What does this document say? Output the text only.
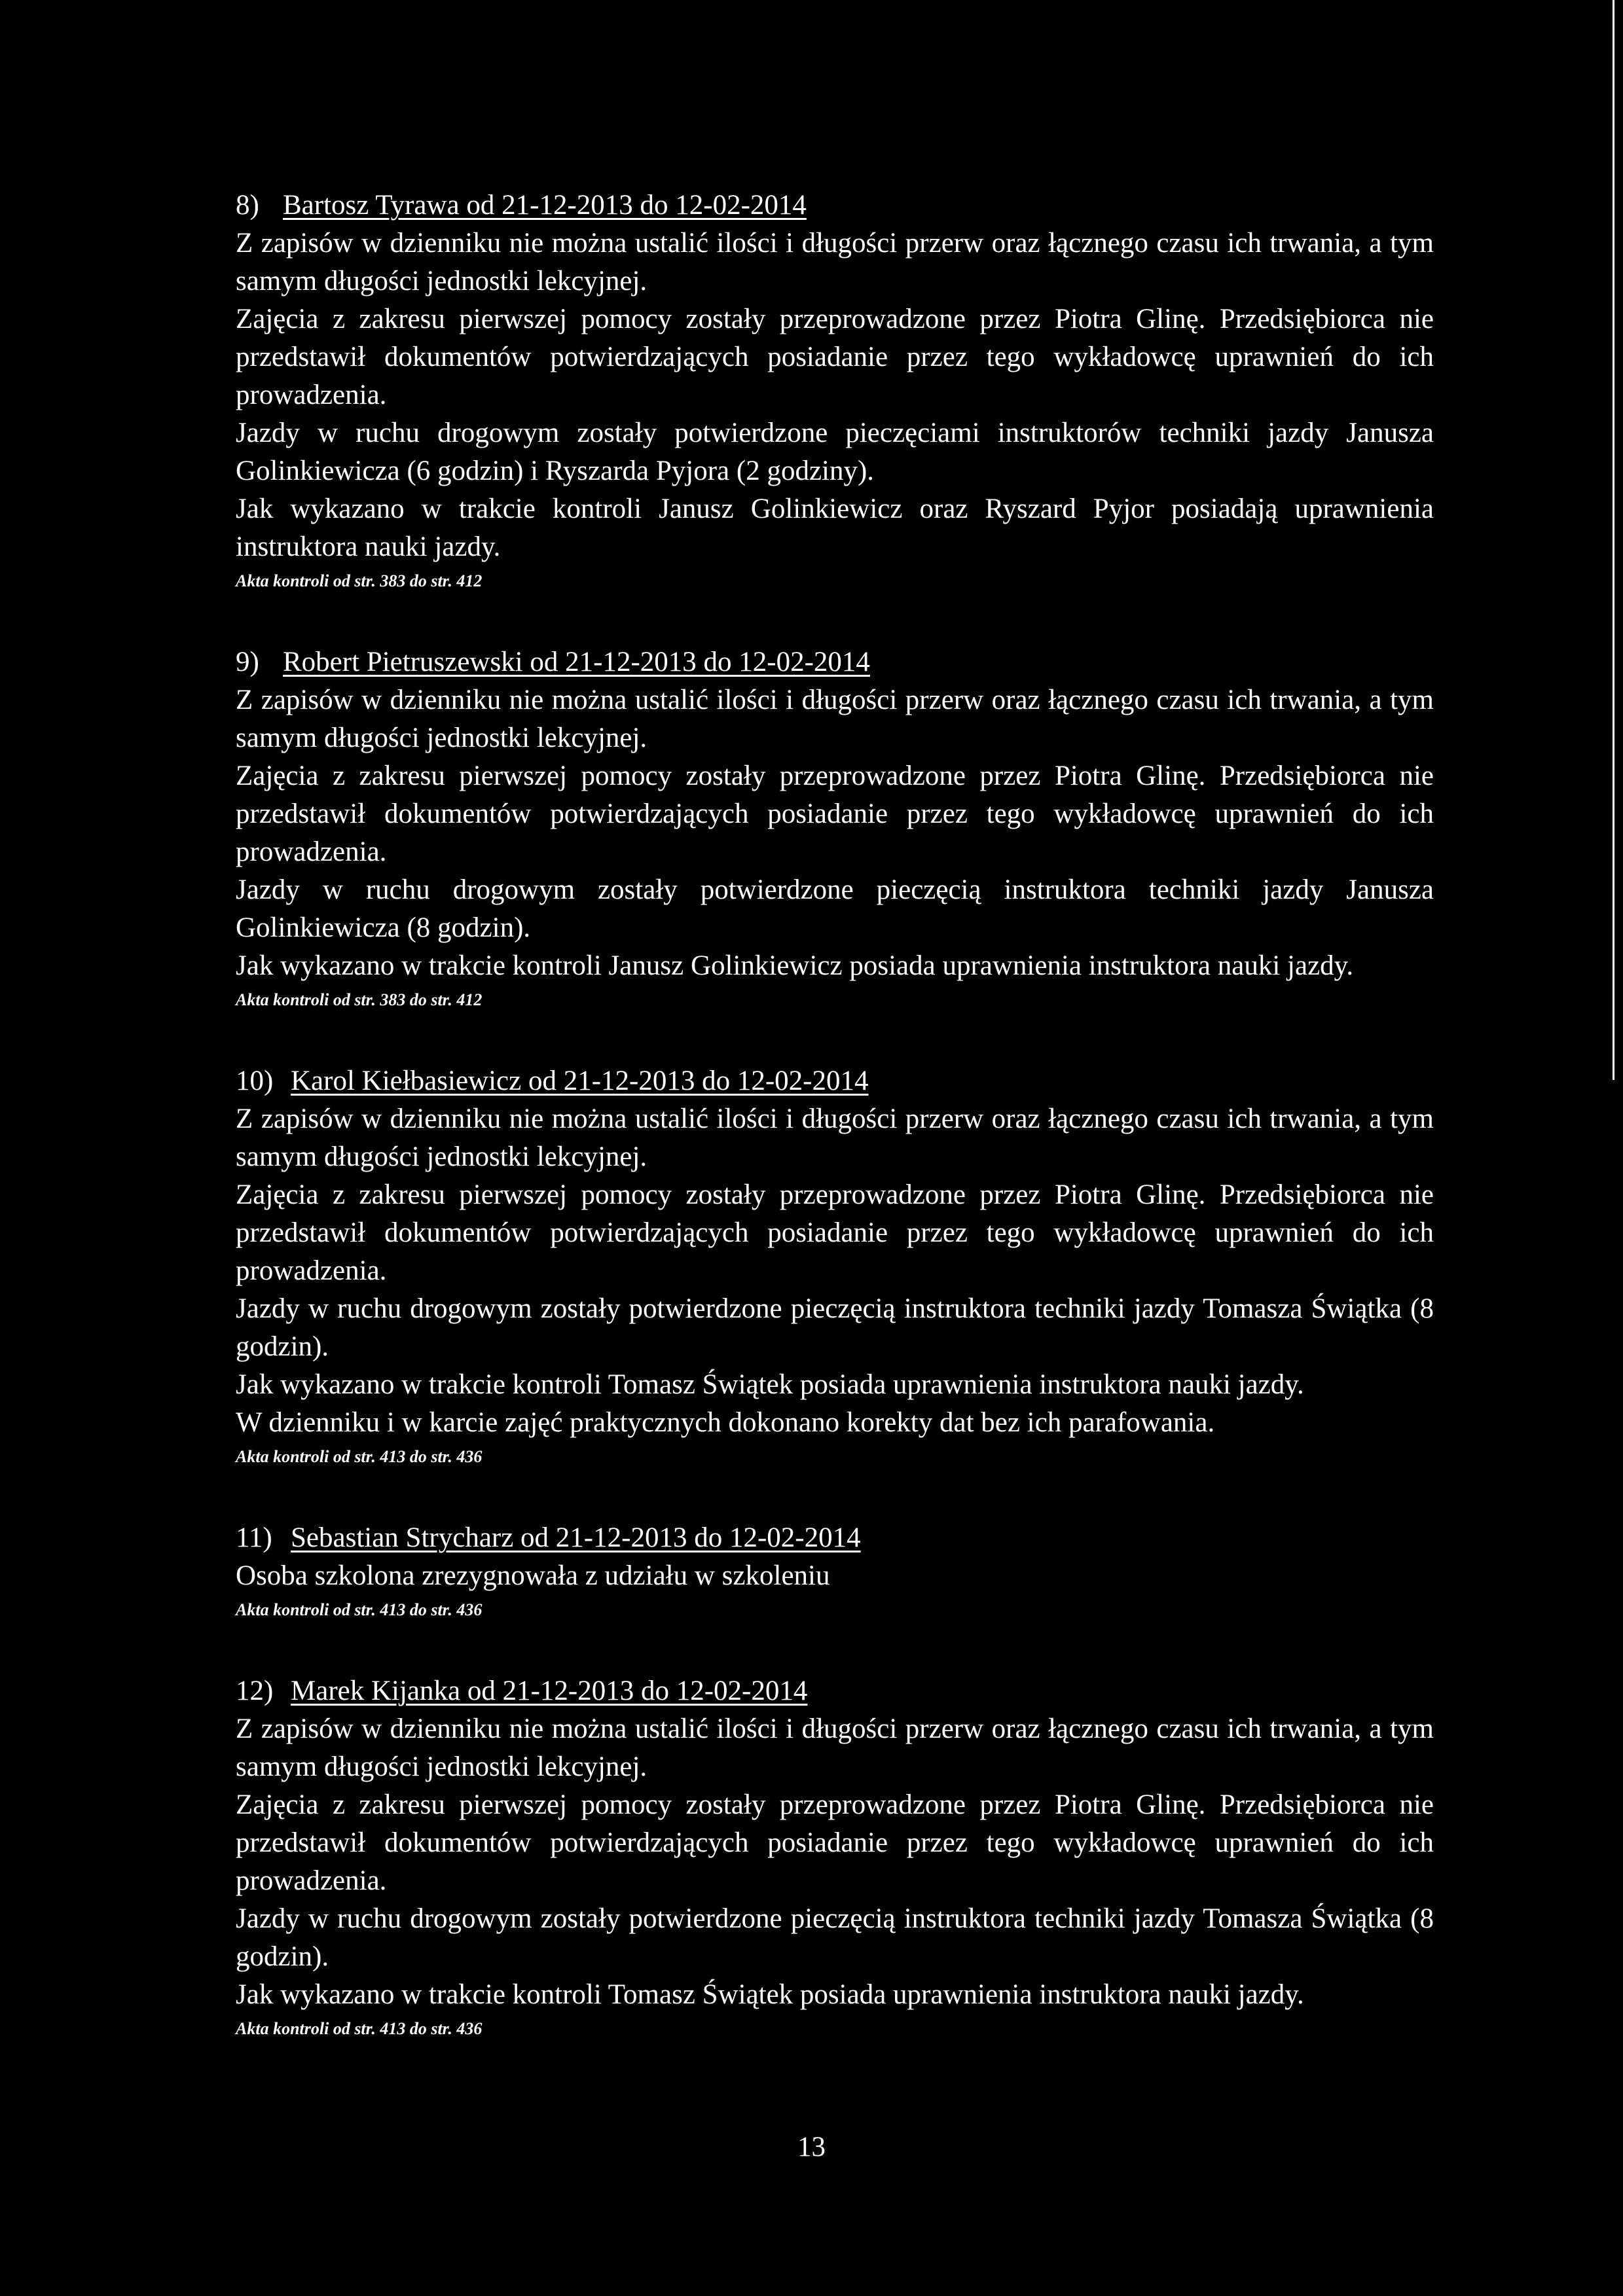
8) Bartosz Tyrawa od 21-12-2013 do 12-02-2014

Z zapisów w dzienniku nie można ustalić ilości i długości przerw oraz łącznego czasu ich trwania, a tym samym długości jednostki lekcyjnej.

Zajęcia z zakresu pierwszej pomocy zostały przeprowadzone przez Piotra Glinę. Przedsiębiorca nie przedstawił dokumentów potwierdzających posiadanie przez tego wykładowcę uprawnień do ich prowadzenia.

Jazdy w ruchu drogowym zostały potwierdzone pieczęciami instruktorów techniki jazdy Janusza Golinkiewicza (6 godzin) i Ryszarda Pyjora (2 godziny).

Jak wykazano w trakcie kontroli Janusz Golinkiewicz oraz Ryszard Pyjor posiadają uprawnienia instruktora nauki jazdy.

Akta kontroli od str. 383 do str. 412
9) Robert Pietruszewski od 21-12-2013 do 12-02-2014

Z zapisów w dzienniku nie można ustalić ilości i długości przerw oraz łącznego czasu ich trwania, a tym samym długości jednostki lekcyjnej.

Zajęcia z zakresu pierwszej pomocy zostały przeprowadzone przez Piotra Glinę. Przedsiębiorca nie przedstawił dokumentów potwierdzających posiadanie przez tego wykładowcę uprawnień do ich prowadzenia.

Jazdy w ruchu drogowym zostały potwierdzone pieczęcią instruktora techniki jazdy Janusza Golinkiewicza (8 godzin).

Jak wykazano w trakcie kontroli Janusz Golinkiewicz posiada uprawnienia instruktora nauki jazdy.

Akta kontroli od str. 383 do str. 412
10) Karol Kiełbasiewicz od 21-12-2013 do 12-02-2014

Z zapisów w dzienniku nie można ustalić ilości i długości przerw oraz łącznego czasu ich trwania, a tym samym długości jednostki lekcyjnej.

Zajęcia z zakresu pierwszej pomocy zostały przeprowadzone przez Piotra Glinę. Przedsiębiorca nie przedstawił dokumentów potwierdzających posiadanie przez tego wykładowcę uprawnień do ich prowadzenia.

Jazdy w ruchu drogowym zostały potwierdzone pieczęcią instruktora techniki jazdy Tomasza Świątka (8 godzin).

Jak wykazano w trakcie kontroli Tomasz Świątek posiada uprawnienia instruktora nauki jazdy.

W dzienniku i w karcie zajęć praktycznych dokonano korekty dat bez ich parafowania.

Akta kontroli od str. 413 do str. 436
11) Sebastian Strycharz od 21-12-2013 do 12-02-2014

Osoba szkolona zrezygnowała z udziału w szkoleniu

Akta kontroli od str. 413 do str. 436
12) Marek Kijanka od 21-12-2013 do 12-02-2014

Z zapisów w dzienniku nie można ustalić ilości i długości przerw oraz łącznego czasu ich trwania, a tym samym długości jednostki lekcyjnej.

Zajęcia z zakresu pierwszej pomocy zostały przeprowadzone przez Piotra Glinę. Przedsiębiorca nie przedstawił dokumentów potwierdzających posiadanie przez tego wykładowcę uprawnień do ich prowadzenia.

Jazdy w ruchu drogowym zostały potwierdzone pieczęcią instruktora techniki jazdy Tomasza Świątka (8 godzin).

Jak wykazano w trakcie kontroli Tomasz Świątek posiada uprawnienia instruktora nauki jazdy.

Akta kontroli od str. 413 do str. 436
13
